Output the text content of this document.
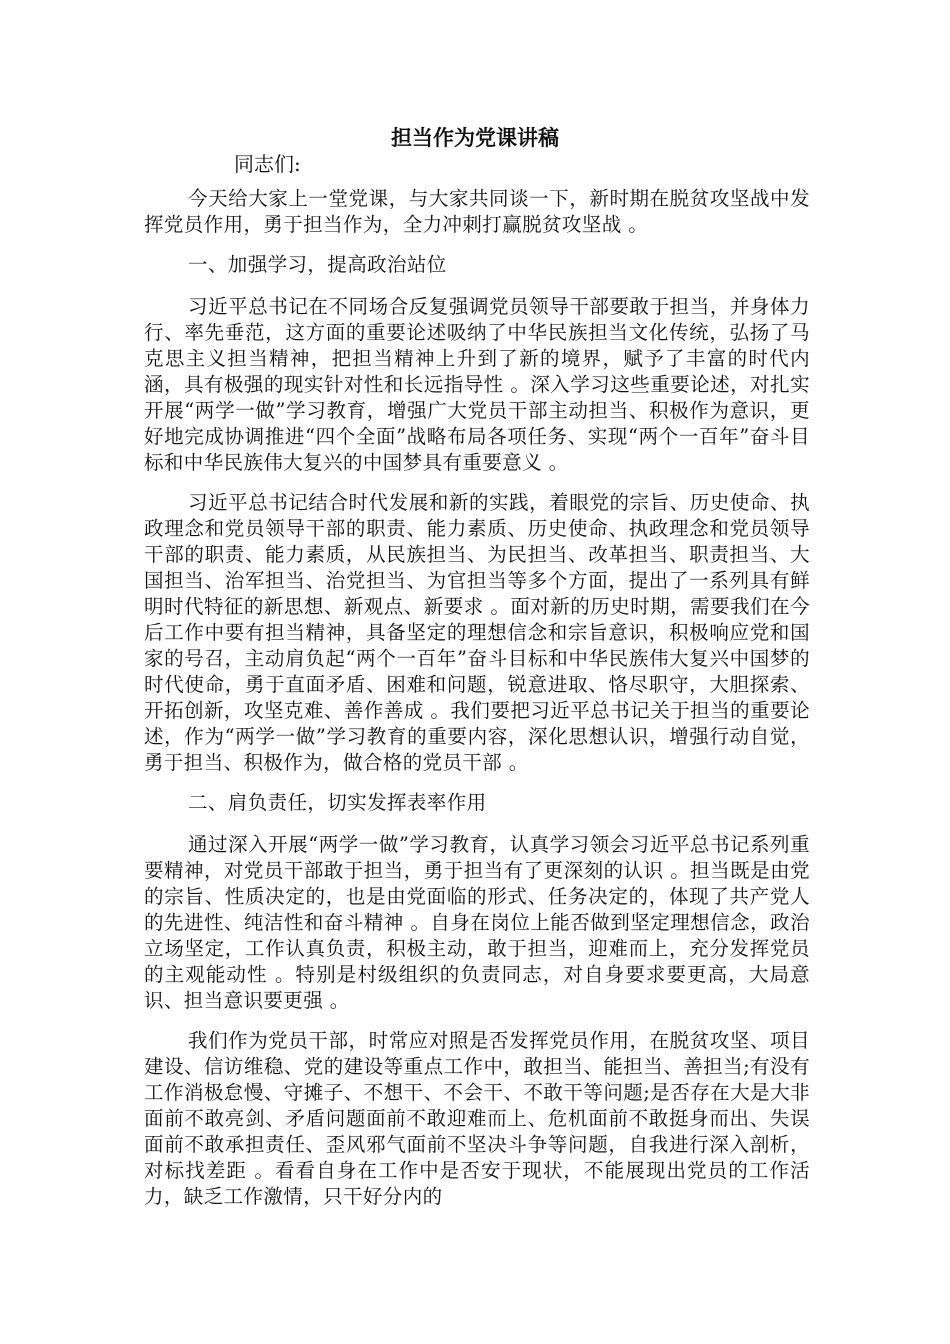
担当作为党课讲稿

同志们:

今天给大家上一堂党课，与大家共同谈一下，新时期在脱贫攻坚战中发挥党员作用，勇于担当作为，全力冲刺打赢脱贫攻坚战 。

一、加强学习，提高政治站位

习近平总书记在不同场合反复强调党员领导干部要敢于担当，并身体力行、率先垂范，这方面的重要论述吸纳了中华民族担当文化传统，弘扬了马克思主义担当精神，把担当精神上升到了新的境界，赋予了丰富的时代内涵，具有极强的现实针对性和长远指导性 。深入学习这些重要论述，对扎实开展“两学一做”学习教育，增强广大党员干部主动担当、积极作为意识，更好地完成协调推进“四个全面”战略布局各项任务、实现“两个一百年”奋斗目标和中华民族伟大复兴的中国梦具有重要意义 。

习近平总书记结合时代发展和新的实践，着眼党的宗旨、历史使命、执政理念和党员领导干部的职责、能力素质、历史使命、执政理念和党员领导干部的职责、能力素质，从民族担当、为民担当、改革担当、职责担当、大国担当、治军担当、治党担当、为官担当等多个方面，提出了一系列具有鲜明时代特征的新思想、新观点、新要求 。面对新的历史时期，需要我们在今后工作中要有担当精神，具备坚定的理想信念和宗旨意识，积极响应党和国家的号召，主动肩负起“两个一百年”奋斗目标和中华民族伟大复兴中国梦的时代使命，勇于直面矛盾、困难和问题，锐意进取、恪尽职守，大胆探索、开拓创新，攻坚克难、善作善成 。我们要把习近平总书记关于担当的重要论述，作为“两学一做”学习教育的重要内容，深化思想认识，增强行动自觉，勇于担当、积极作为，做合格的党员干部 。

二、肩负责任，切实发挥表率作用

通过深入开展“两学一做”学习教育，认真学习领会习近平总书记系列重要精神，对党员干部敢于担当，勇于担当有了更深刻的认识 。担当既是由党的宗旨、性质决定的，也是由党面临的形式、任务决定的，体现了共产党人的先进性、纯洁性和奋斗精神 。自身在岗位上能否做到坚定理想信念，政治立场坚定，工作认真负责，积极主动，敢于担当，迎难而上，充分发挥党员的主观能动性 。特别是村级组织的负责同志，对自身要求要更高，大局意识、担当意识要更强 。

我们作为党员干部，时常应对照是否发挥党员作用，在脱贫攻坚、项目建设、信访维稳、党的建设等重点工作中，敢担当、能担当、善担当;有没有工作消极怠慢、守摊子、不想干、不会干、不敢干等问题;是否存在大是大非面前不敢亮剑、矛盾问题面前不敢迎难而上、危机面前不敢挺身而出、失误面前不敢承担责任、歪风邪气面前不坚决斗争等问题，自我进行深入剖析，对标找差距 。看看自身在工作中是否安于现状，不能展现出党员的工作活力，缺乏工作激情，只干好分内的
